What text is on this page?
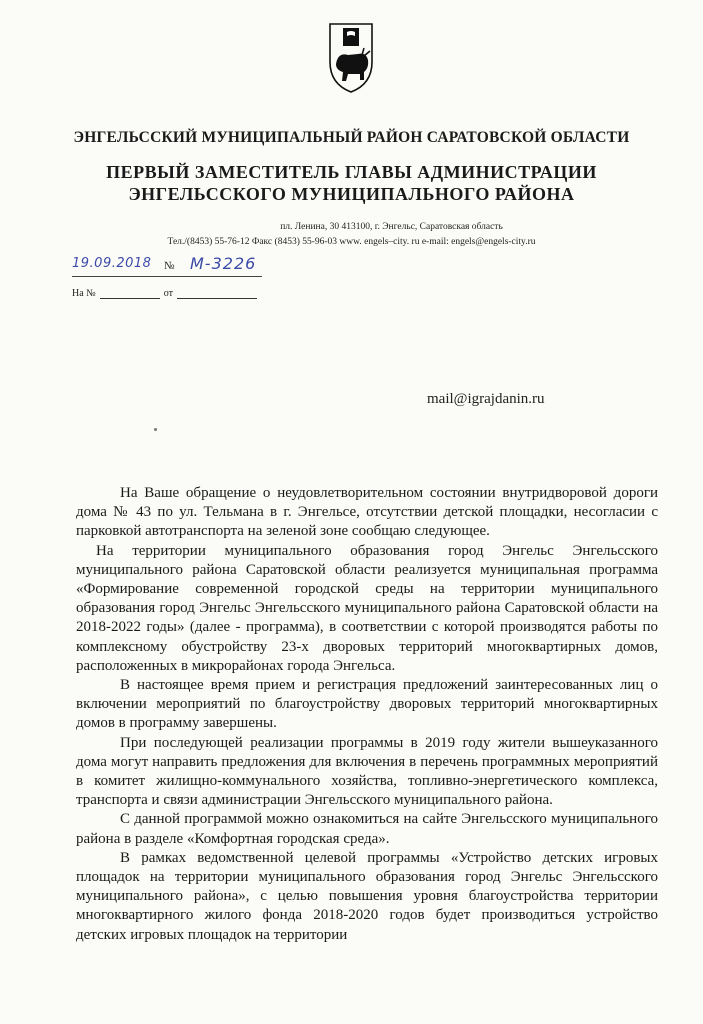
ЭНГЕЛЬССКИЙ МУНИЦИПАЛЬНЫЙ РАЙОН САРАТОВСКОЙ ОБЛАСТИ
ПЕРВЫЙ ЗАМЕСТИТЕЛЬ ГЛАВЫ АДМИНИСТРАЦИИ
ЭНГЕЛЬССКОГО МУНИЦИПАЛЬНОГО РАЙОНА
пл. Ленина, 30 413100, г. Энгельс, Саратовская область
Тел./(8453) 55-76-12 Факс (8453) 55-96-03 www. engels–city. ru e-mail: engels@engels-city.ru
19.09.2018 № М-3226
На №	от
mail@igrajdanin.ru

На Ваше обращение о неудовлетворительном состоянии внутридворовой дороги дома № 43 по ул. Тельмана в г. Энгельсе, отсутствии детской площадки, несогласии с парковкой автотранспорта на зеленой зоне сообщаю следующее.

На территории муниципального образования город Энгельс Энгельсского муниципального района Саратовской области реализуется муниципальная программа «Формирование современной городской среды на территории муниципального образования город Энгельс Энгельсского муниципального района Саратовской области на 2018-2022 годы» (далее - программа), в соответствии с которой производятся работы по комплексному обустройству 23-х дворовых территорий многоквартирных домов, расположенных в микрорайонах города Энгельса.

В настоящее время прием и регистрация предложений заинтересованных лиц о включении мероприятий по благоустройству дворовых территорий многоквартирных домов в программу завершены.

При последующей реализации программы в 2019 году жители вышеуказанного дома могут направить предложения для включения в перечень программных мероприятий в комитет жилищно-коммунального хозяйства, топливно-энергетического комплекса, транспорта и связи администрации Энгельсского муниципального района.

С данной программой можно ознакомиться на сайте Энгельсского муниципального района в разделе «Комфортная городская среда».

В рамках ведомственной целевой программы «Устройство детских игровых площадок на территории муниципального образования город Энгельс Энгельсского муниципального района», с целью повышения уровня благоустройства территории многоквартирного жилого фонда 2018-2020 годов будет производиться устройство детских игровых площадок на территории
